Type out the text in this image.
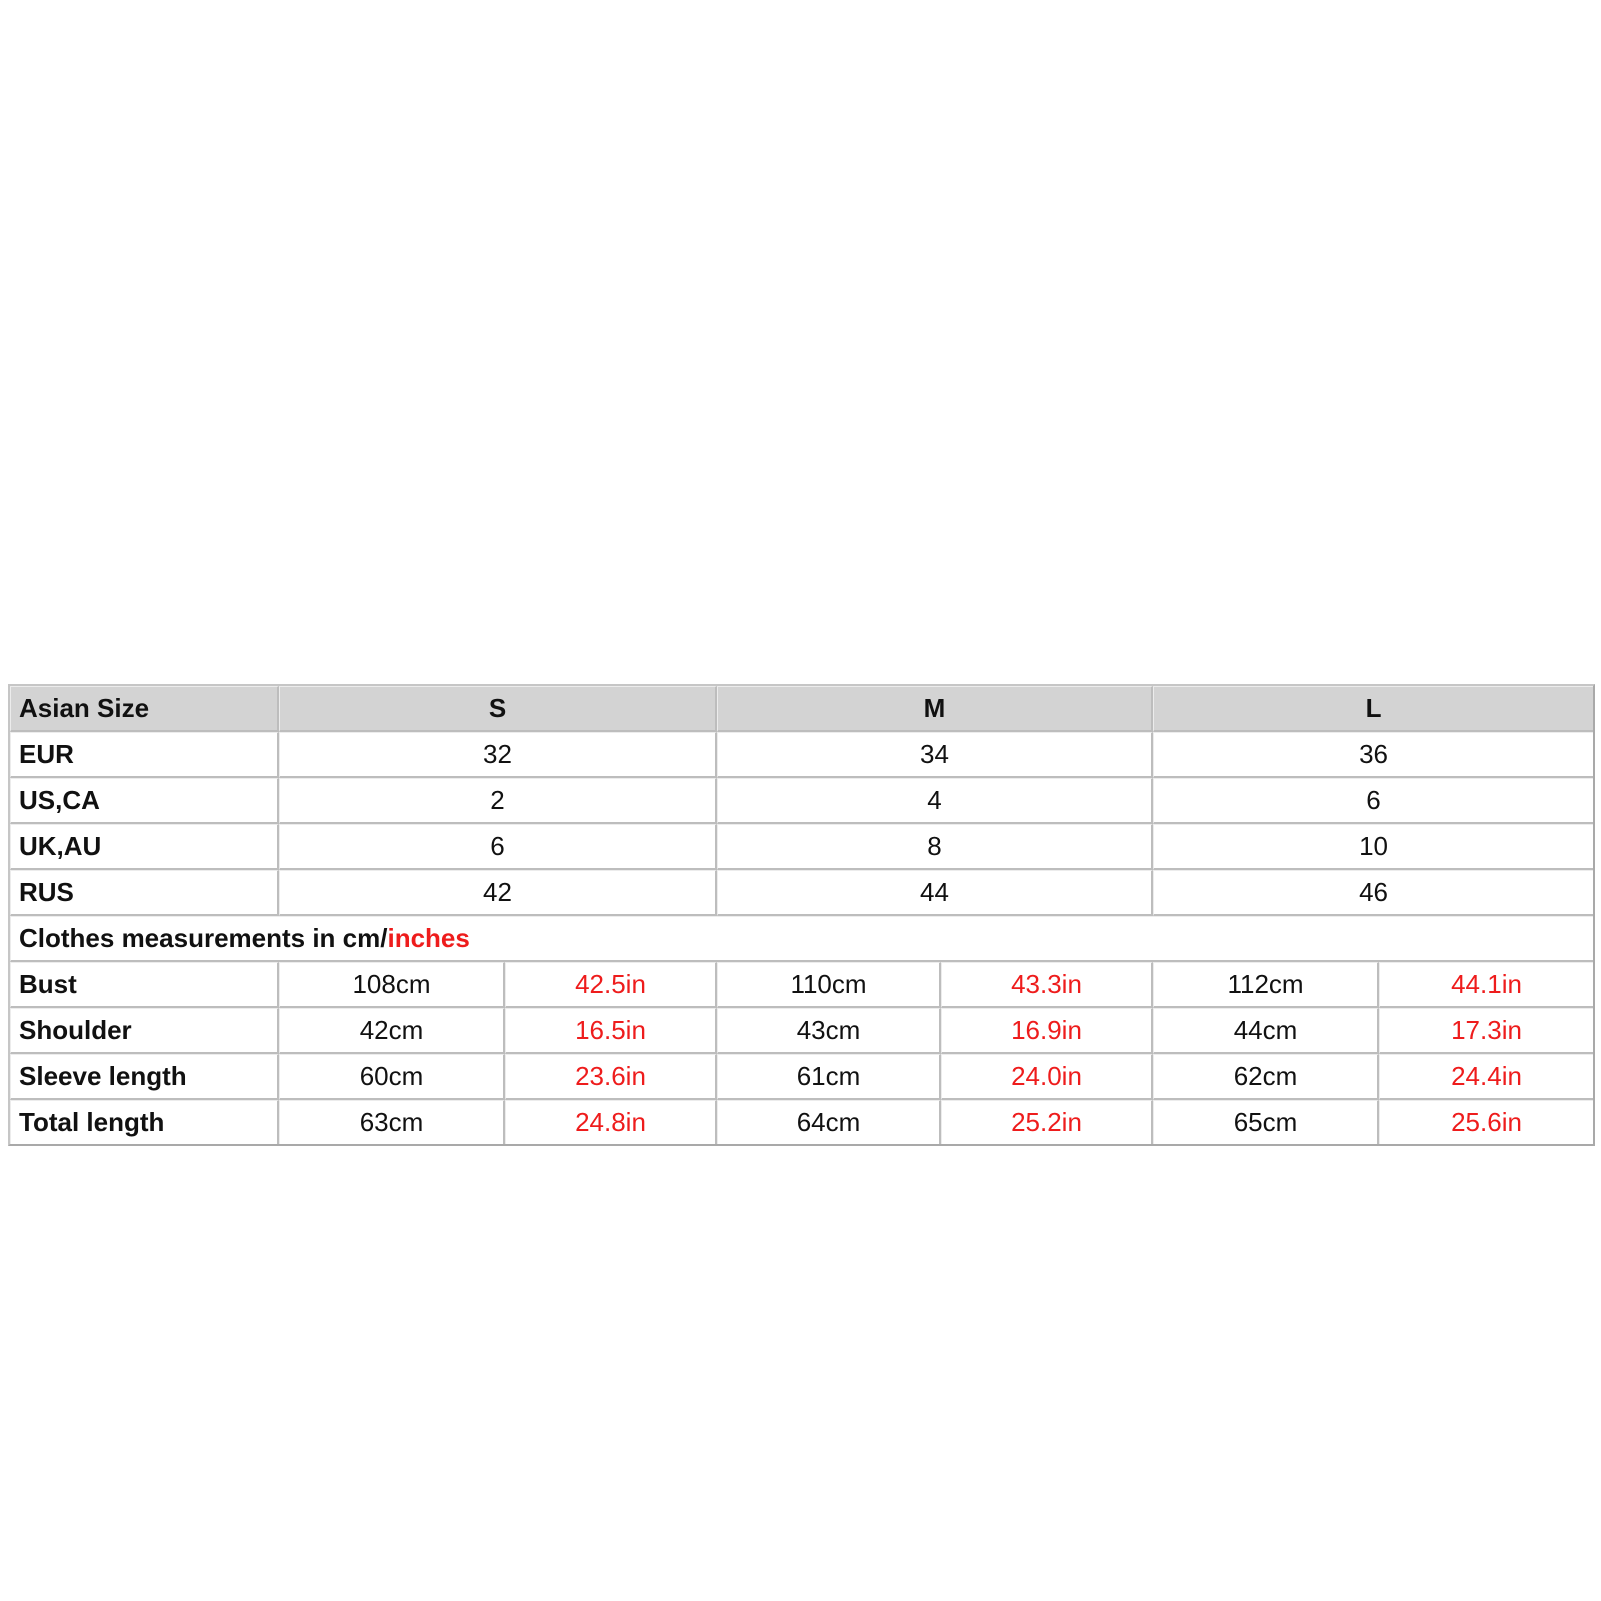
Asian Size	S		M		L	
EUR	32		34		36	
US,CA	2		4		6	
UK,AU	6		8		10	
RUS	42		44		46	
Clothes measurements in cm/inches						
Bust	108cm	42.5in	110cm	43.3in	112cm	44.1in
Shoulder	42cm	16.5in	43cm	16.9in	44cm	17.3in
Sleeve length	60cm	23.6in	61cm	24.0in	62cm	24.4in
Total length	63cm	24.8in	64cm	25.2in	65cm	25.6in
